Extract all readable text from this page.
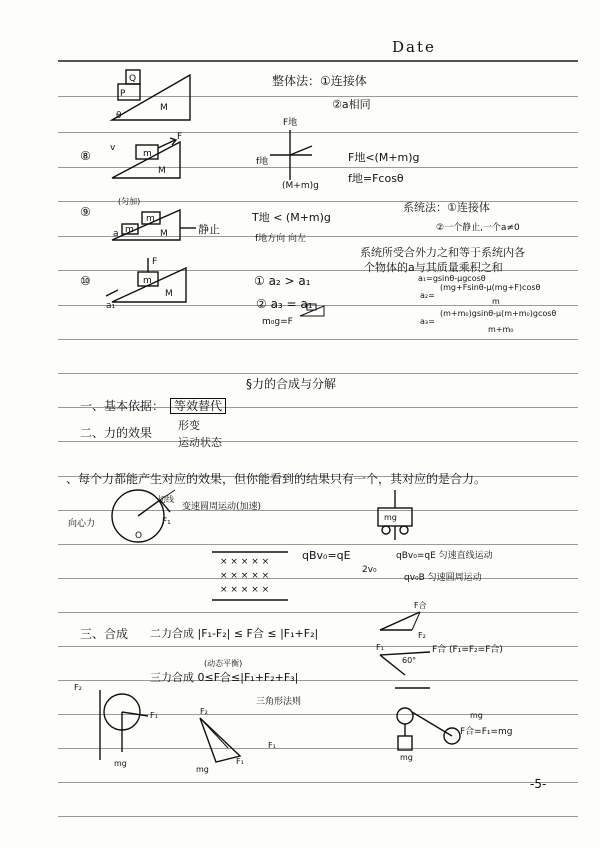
Date
Q
P
M
θ
F
m
M
v
m
m	M
a
F
m
M
a₁
O
F₁
× × × × ×
× × × × ×
× × × × ×
整体法：①连接体
②a相同
⑧
F地
f地
(M+m)g
F地<(M+m)g
f地=Fcosθ
⑨
(匀加)
静止
T地 < (M+m)g
f地方向 向左
系统法：①连接体
②一个静止,一个a≠0
系统所受合外力之和等于系统内各
个物体的a与其质量乘积之和
⑩	① a₂ > a₁
② a₃ = a₁
m₀g=F
a₁=gsinθ-μgcosθ
a₂=
(mg+Fsinθ-μ(mg+F)cosθ
m
a₃=
(m+m₀)gsinθ-μ(m+m₀)gcosθ
m+m₀
§力的合成与分解
一、基本依据： 等效替代
二、力的效果
形变
运动状态
、每个力都能产生对应的效果，但你能看到的结果只有一个，其对应的是合力。
变速圆周运动(加速)
向心力
切线
mg
qBv₀=qE	qBv₀=qE 匀速直线运动
2v₀
qv₀B 匀速圆周运动
三、合成 二力合成 |F₁-F₂| ≤ F合 ≤ |F₁+F₂|
(动态平衡)
三力合成 0≤F合≤|F₁+F₂+F₃|
三角形法则
F合
F₂
F₁
60°
F合 (F₁=F₂=F合)
F₂
F₁
mg
F₂
F₁
mg
F₁
mg
mg
F合=F₁=mg
-5-
